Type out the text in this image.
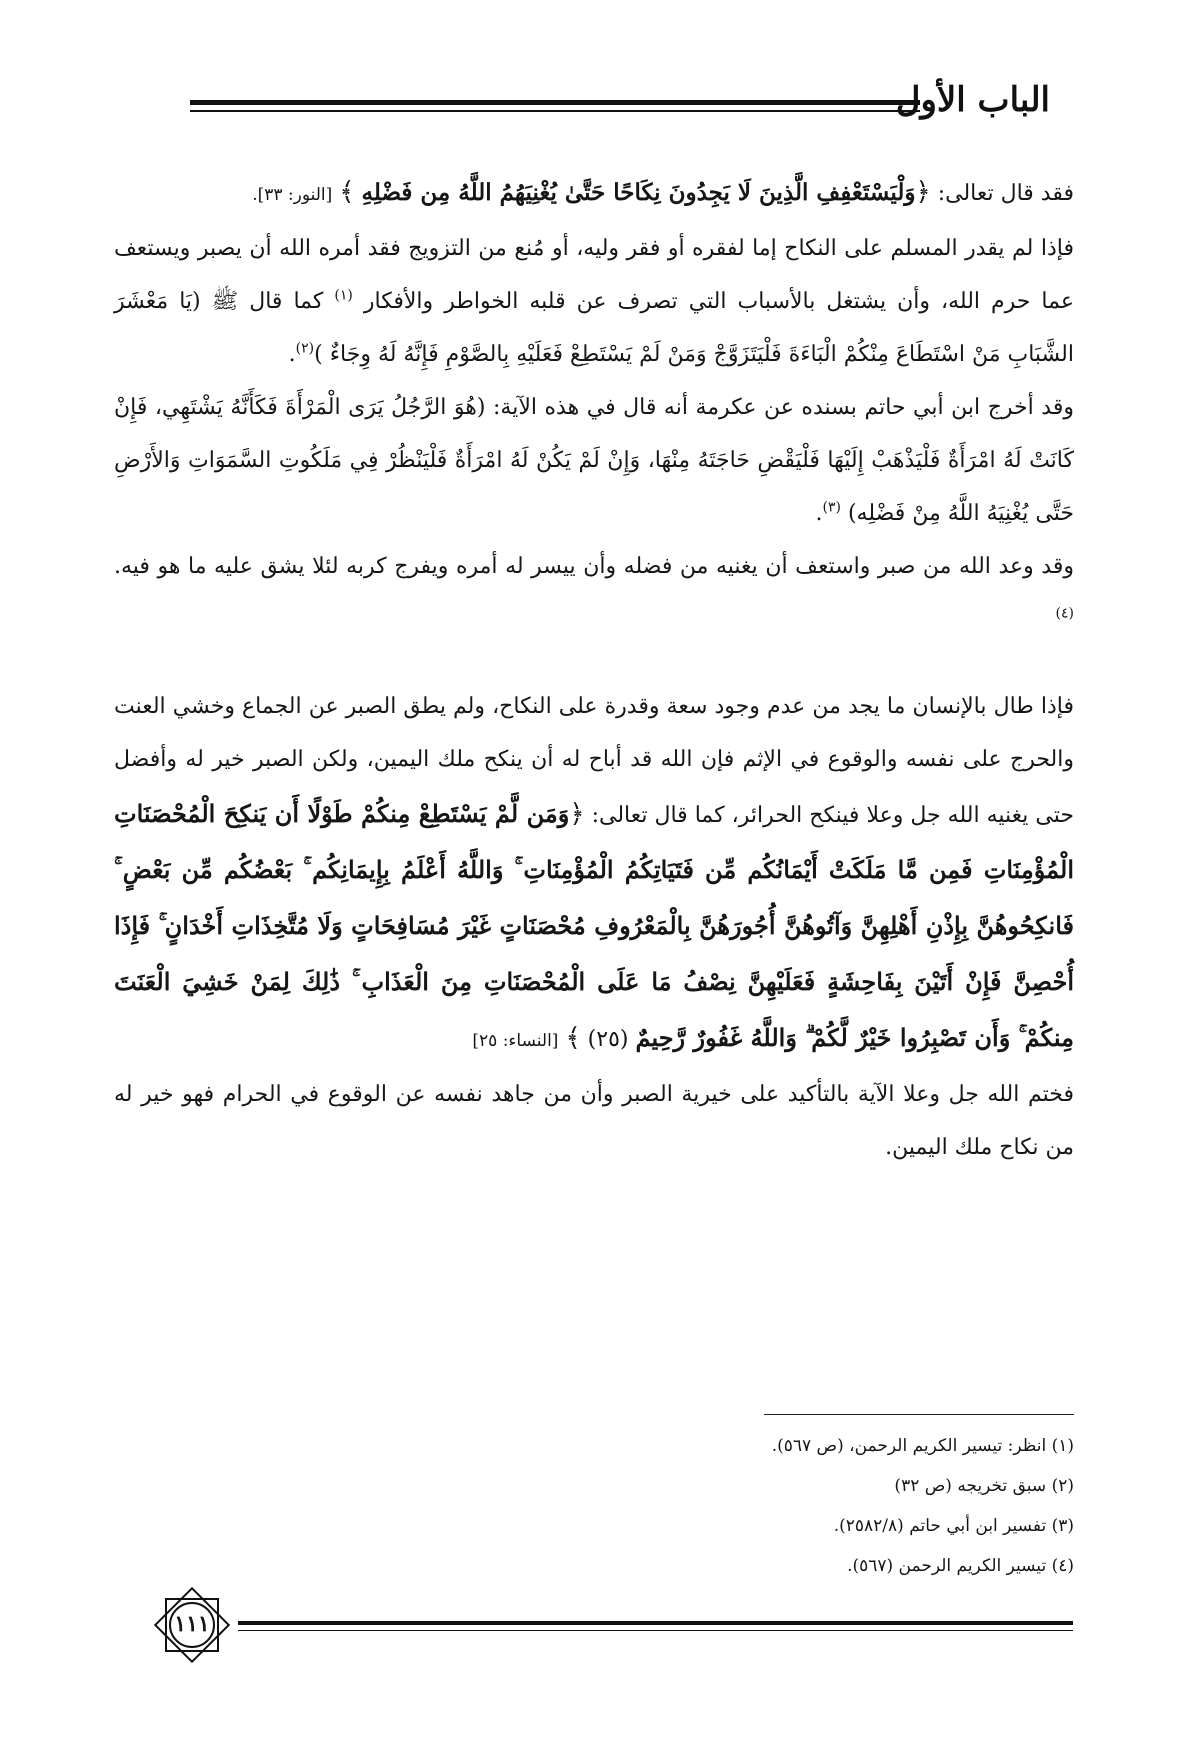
الباب الأول

فقد قال تعالى: ﴿وَلْيَسْتَعْفِفِ الَّذِينَ لَا يَجِدُونَ نِكَاحًا حَتَّىٰ يُغْنِيَهُمُ اللَّهُ مِن فَضْلِهِ ﴾ [النور: ٣٣].

فإذا لم يقدر المسلم على النكاح إما لفقره أو فقر وليه، أو مُنع من التزويج فقد أمره الله أن يصبر ويستعف عما حرم الله، وأن يشتغل بالأسباب التي تصرف عن قلبه الخواطر والأفكار $^{(١)}$ كما قال ﷺ (يَا مَعْشَرَ الشَّبَابِ مَنْ اسْتَطَاعَ مِنْكُمْ الْبَاءَةَ فَلْيَتَزَوَّجْ وَمَنْ لَمْ يَسْتَطِعْ فَعَلَيْهِ بِالصَّوْمِ فَإِنَّهُ لَهُ وِجَاءٌ )$^{(٢)}$.

وقد أخرج ابن أبي حاتم بسنده عن عكرمة أنه قال في هذه الآية: (هُوَ الرَّجُلُ يَرَى الْمَرْأَةَ فَكَأَنَّهُ يَشْتَهِي، فَإِنْ كَانَتْ لَهُ امْرَأَةٌ فَلْيَذْهَبْ إِلَيْهَا فَلْيَقْضِ حَاجَتَهُ مِنْهَا، وَإِنْ لَمْ يَكُنْ لَهُ امْرَأَةٌ فَلْيَنْظُرْ فِي مَلَكُوتِ السَّمَوَاتِ وَالأَرْضِ حَتَّى يُغْنِيَهُ اللَّهُ مِنْ فَضْلِه) $^{(٣)}$.

وقد وعد الله من صبر واستعف أن يغنيه من فضله وأن ييسر له أمره ويفرج كربه لئلا يشق عليه ما هو فيه. $^{(٤)}$

فإذا طال بالإنسان ما يجد من عدم وجود سعة وقدرة على النكاح، ولم يطق الصبر عن الجماع وخشي العنت والحرج على نفسه والوقوع في الإثم فإن الله قد أباح له أن ينكح ملك اليمين، ولكن الصبر خير له وأفضل حتى يغنيه الله جل وعلا فينكح الحرائر، كما قال تعالى: ﴿وَمَن لَّمْ يَسْتَطِعْ مِنكُمْ طَوْلًا أَن يَنكِحَ الْمُحْصَنَاتِ الْمُؤْمِنَاتِ فَمِن مَّا مَلَكَتْ أَيْمَانُكُم مِّن فَتَيَاتِكُمُ الْمُؤْمِنَاتِ ۚ وَاللَّهُ أَعْلَمُ بِإِيمَانِكُم ۚ بَعْضُكُم مِّن بَعْضٍ ۚ فَانكِحُوهُنَّ بِإِذْنِ أَهْلِهِنَّ وَآتُوهُنَّ أُجُورَهُنَّ بِالْمَعْرُوفِ مُحْصَنَاتٍ غَيْرَ مُسَافِحَاتٍ وَلَا مُتَّخِذَاتِ أَخْدَانٍ ۚ فَإِذَا أُحْصِنَّ فَإِنْ أَتَيْنَ بِفَاحِشَةٍ فَعَلَيْهِنَّ نِصْفُ مَا عَلَى الْمُحْصَنَاتِ مِنَ الْعَذَابِ ۚ ذَٰلِكَ لِمَنْ خَشِيَ الْعَنَتَ مِنكُمْ ۚ وَأَن تَصْبِرُوا خَيْرٌ لَّكُمْ ۗ وَاللَّهُ غَفُورٌ رَّحِيمٌ (٢٥) ﴾ [النساء: ٢٥]

فختم الله جل وعلا الآية بالتأكيد على خيرية الصبر وأن من جاهد نفسه عن الوقوع في الحرام فهو خير له من نكاح ملك اليمين.

(١) انظر: تيسير الكريم الرحمن، (ص ٥٦٧).

(٢) سبق تخريجه (ص ٣٢)

(٣) تفسير ابن أبي حاتم (٢٥٨٢/٨).

(٤) تيسير الكريم الرحمن (٥٦٧).

١١١
